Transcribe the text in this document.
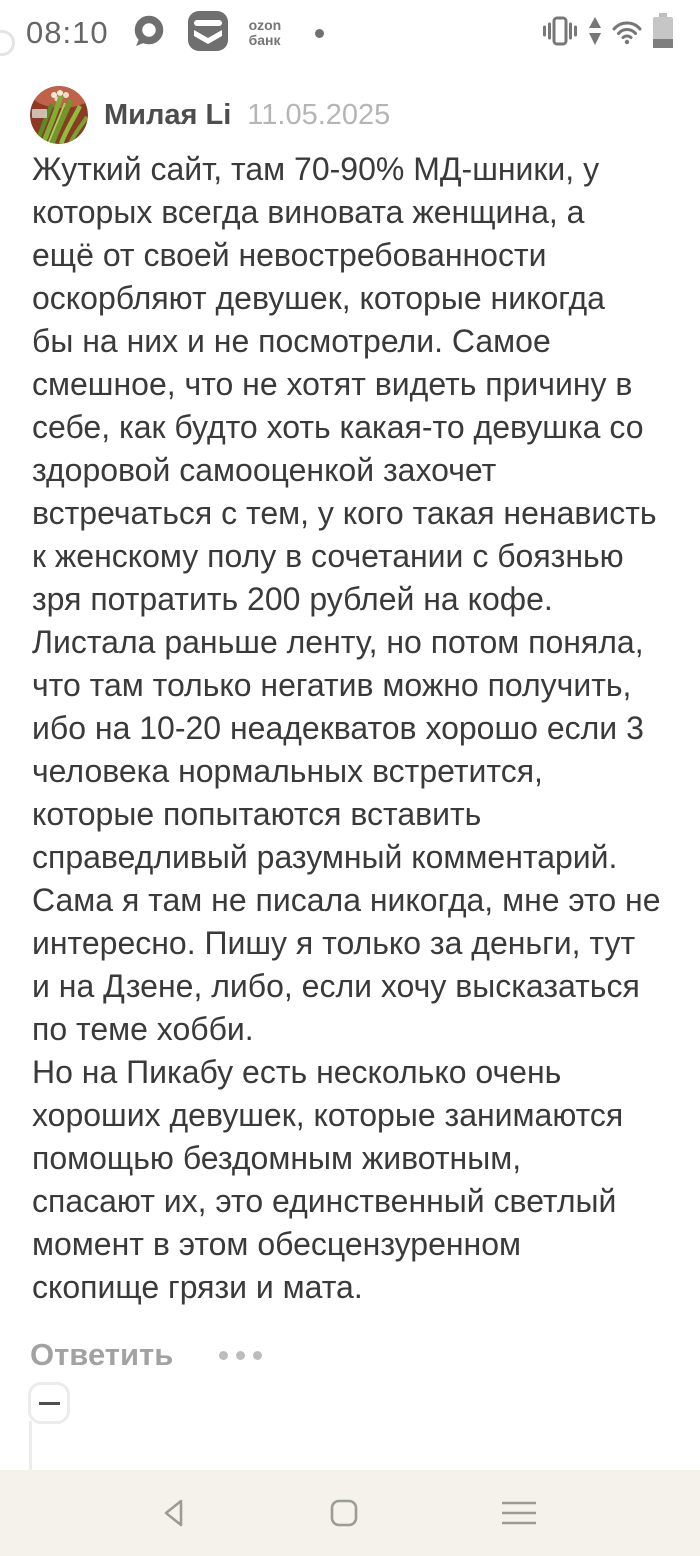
08:10	ozon
банк
Милая Li 11.05.2025
Жуткий сайт, там 70-90% МД-шники, у
которых всегда виновата женщина, а
ещё от своей невостребованности
оскорбляют девушек, которые никогда
бы на них и не посмотрели. Самое
смешное, что не хотят видеть причину в
себе, как будто хоть какая-то девушка со
здоровой самооценкой захочет
встречаться с тем, у кого такая ненависть
к женскому полу в сочетании с боязнью
зря потратить 200 рублей на кофе.
Листала раньше ленту, но потом поняла,
что там только негатив можно получить,
ибо на 10-20 неадекватов хорошо если 3
человека нормальных встретится,
которые попытаются вставить
справедливый разумный комментарий.
Сама я там не писала никогда, мне это не
интересно. Пишу я только за деньги, тут
и на Дзене, либо, если хочу высказаться
по теме хобби.
Но на Пикабу есть несколько очень
хороших девушек, которые занимаются
помощью бездомным животным,
спасают их, это единственный светлый
момент в этом обесцензуренном
скопище грязи и мата.
Ответить
